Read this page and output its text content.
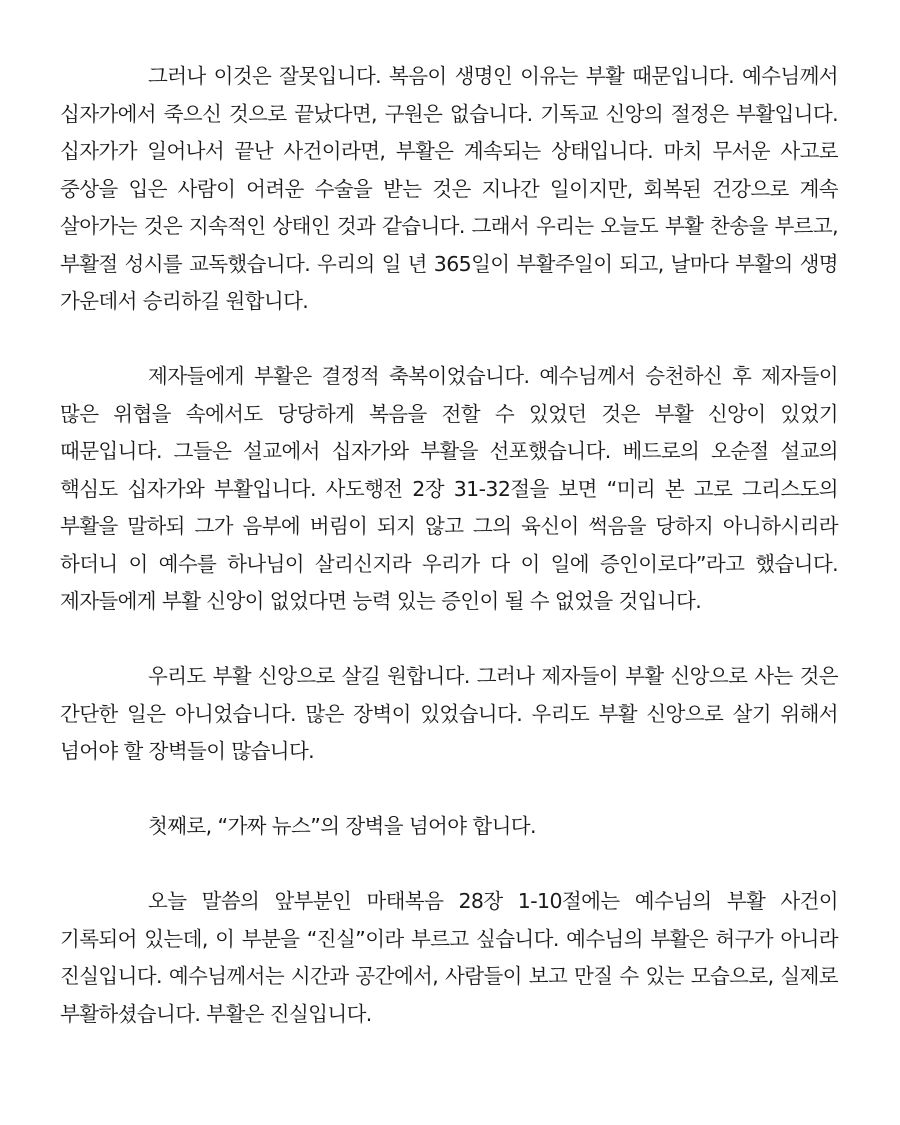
그러나 이것은 잘못입니다. 복음이 생명인 이유는 부활 때문입니다. 예수님께서 십자가에서 죽으신 것으로 끝났다면, 구원은 없습니다. 기독교 신앙의 절정은 부활입니다. 십자가가 일어나서 끝난 사건이라면, 부활은 계속되는 상태입니다. 마치 무서운 사고로 중상을 입은 사람이 어려운 수술을 받는 것은 지나간 일이지만, 회복된 건강으로 계속 살아가는 것은 지속적인 상태인 것과 같습니다. 그래서 우리는 오늘도 부활 찬송을 부르고, 부활절 성시를 교독했습니다. 우리의 일 년 365일이 부활주일이 되고, 날마다 부활의 생명 가운데서 승리하길 원합니다.

제자들에게 부활은 결정적 축복이었습니다. 예수님께서 승천하신 후 제자들이 많은 위협을 속에서도 당당하게 복음을 전할 수 있었던 것은 부활 신앙이 있었기 때문입니다. 그들은 설교에서 십자가와 부활을 선포했습니다. 베드로의 오순절 설교의 핵심도 십자가와 부활입니다. 사도행전 2장 31-32절을 보면 “미리 본 고로 그리스도의 부활을 말하되 그가 음부에 버림이 되지 않고 그의 육신이 썩음을 당하지 아니하시리라 하더니 이 예수를 하나님이 살리신지라 우리가 다 이 일에 증인이로다”라고 했습니다. 제자들에게 부활 신앙이 없었다면 능력 있는 증인이 될 수 없었을 것입니다.

우리도 부활 신앙으로 살길 원합니다. 그러나 제자들이 부활 신앙으로 사는 것은 간단한 일은 아니었습니다. 많은 장벽이 있었습니다. 우리도 부활 신앙으로 살기 위해서 넘어야 할 장벽들이 많습니다.

첫째로, “가짜 뉴스”의 장벽을 넘어야 합니다.

오늘 말씀의 앞부분인 마태복음 28장 1-10절에는 예수님의 부활 사건이 기록되어 있는데, 이 부분을 “진실”이라 부르고 싶습니다. 예수님의 부활은 허구가 아니라 진실입니다. 예수님께서는 시간과 공간에서, 사람들이 보고 만질 수 있는 모습으로, 실제로 부활하셨습니다. 부활은 진실입니다.
